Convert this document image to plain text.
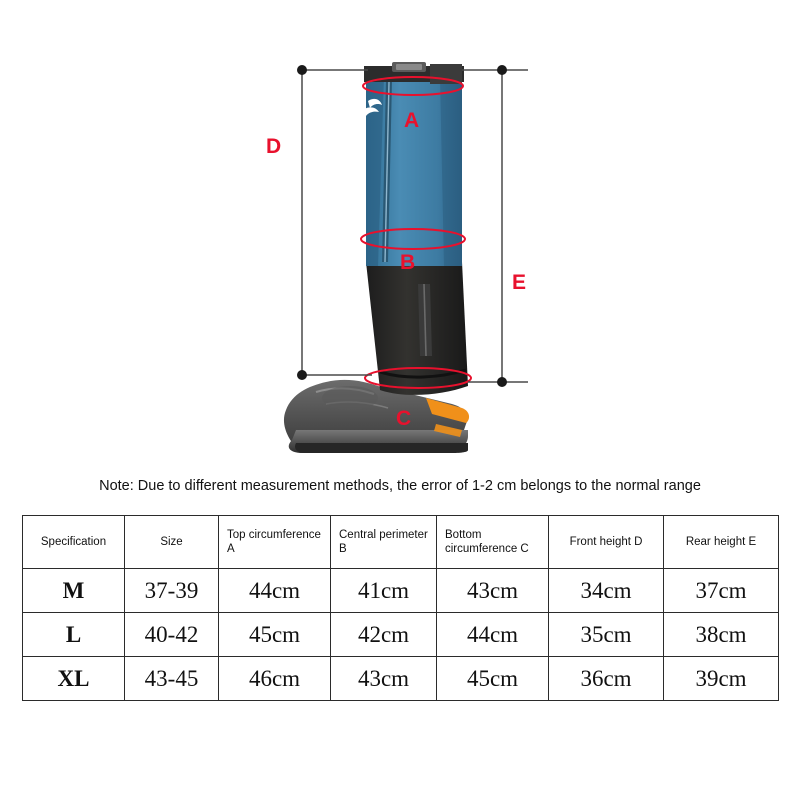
GEAR A
B
C
D
E
Note: Due to different measurement methods, the error of 1-2 cm belongs to the normal range
Specification	Size	Top circumference A	Central perimeter B	Bottom circumference C	Front height D	Rear height E
M	37-39	44cm	41cm	43cm	34cm	37cm
L	40-42	45cm	42cm	44cm	35cm	38cm
XL	43-45	46cm	43cm	45cm	36cm	39cm
